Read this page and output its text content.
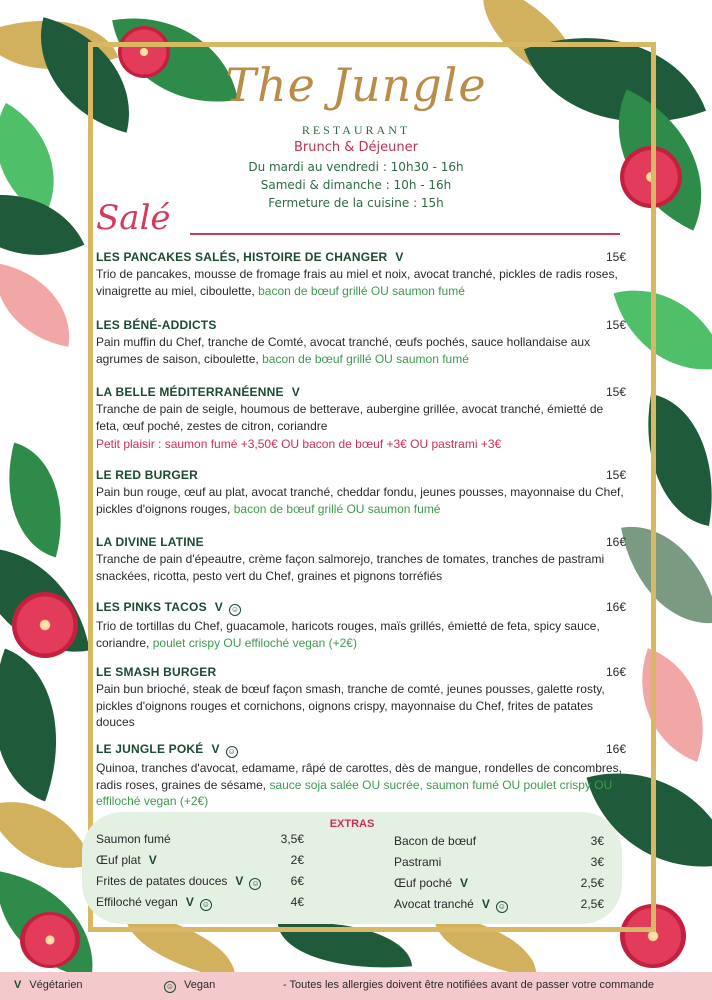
The Jungle
RESTAURANT
Brunch & Déjeuner
Du mardi au vendredi : 10h30 - 16h
Samedi & dimanche : 10h - 16h
Fermeture de la cuisine : 15h
Salé
LES PANCAKES SALÉS, HISTOIRE DE CHANGER V	15€
Trio de pancakes, mousse de fromage frais au miel et noix, avocat tranché, pickles de radis roses, vinaigrette au miel, ciboulette, bacon de bœuf grillé OU saumon fumé
LES BÉNÉ-ADDICTS	15€
Pain muffin du Chef, tranche de Comté, avocat tranché, œufs pochés, sauce hollandaise aux agrumes de saison, ciboulette, bacon de bœuf grillé OU saumon fumé
LA BELLE MÉDITERRANÉENNE V	15€
Tranche de pain de seigle, houmous de betterave, aubergine grillée, avocat tranché, émietté de feta, œuf poché, zestes de citron, coriandre
Petit plaisir : saumon fumé +3,50€ OU bacon de bœuf +3€ OU pastrami +3€
LE RED BURGER	15€
Pain bun rouge, œuf au plat, avocat tranché, cheddar fondu, jeunes pousses, mayonnaise du Chef, pickles d'oignons rouges, bacon de bœuf grillé OU saumon fumé
LA DIVINE LATINE	16€
Tranche de pain d'épeautre, crème façon salmorejo, tranches de tomates, tranches de pastrami snackées, ricotta, pesto vert du Chef, graines et pignons torréfiés
LES PINKS TACOS V ☺	16€
Trio de tortillas du Chef, guacamole, haricots rouges, maïs grillés, émietté de feta, spicy sauce, coriandre, poulet crispy OU effiloché vegan (+2€)
LE SMASH BURGER	16€
Pain bun brioché, steak de bœuf façon smash, tranche de comté, jeunes pousses, galette rosty, pickles d'oignons rouges et cornichons, oignons crispy, mayonnaise du Chef, frites de patates douces
LE JUNGLE POKÉ V ☺	16€
Quinoa, tranches d'avocat, edamame, râpé de carottes, dès de mangue, rondelles de concombres, radis roses, graines de sésame, sauce soja salée OU sucrée, saumon fumé OU poulet crispy OU effiloché vegan (+2€)
EXTRAS
Saumon fumé	3,5€
Œuf plat V	2€
Frites de patates douces V ☺	6€
Effiloché vegan V ☺	4€
Bacon de bœuf	3€
Pastrami	3€
Œuf poché V	2,5€
Avocat tranché V ☺	2,5€
V Végétarien	☺ Vegan	- Toutes les allergies doivent être notifiées avant de passer votre commande
